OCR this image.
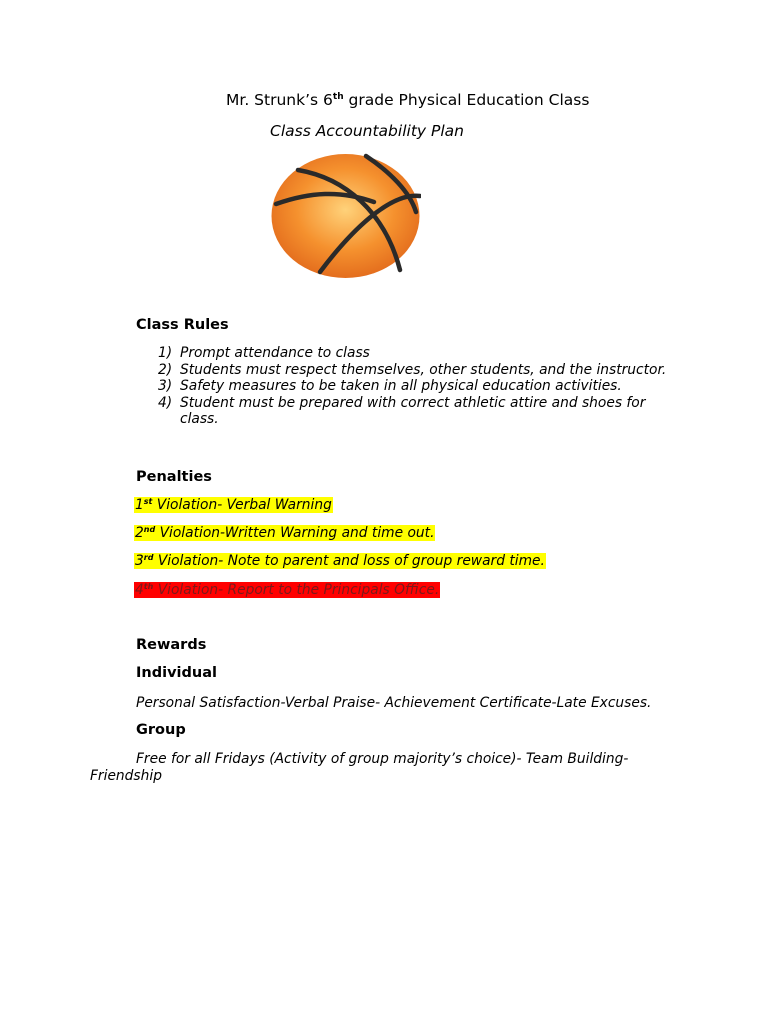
Mr. Strunk’s 6th grade Physical Education Class
Class Accountability Plan
Class Rules
1) Prompt attendance to class
2) Students must respect themselves, other students, and the instructor.
3) Safety measures to be taken in all physical education activities.
4) Student must be prepared with correct athletic attire and shoes for class.
Penalties
1st Violation- Verbal Warning
2nd Violation-Written Warning and time out.
3rd Violation- Note to parent and loss of group reward time.
4th Violation- Report to the Principals Office.
Rewards
Individual
Personal Satisfaction-Verbal Praise- Achievement Certificate-Late Excuses.
Group
Free for all Fridays (Activity of group majority’s choice)- Team Building-
Friendship
